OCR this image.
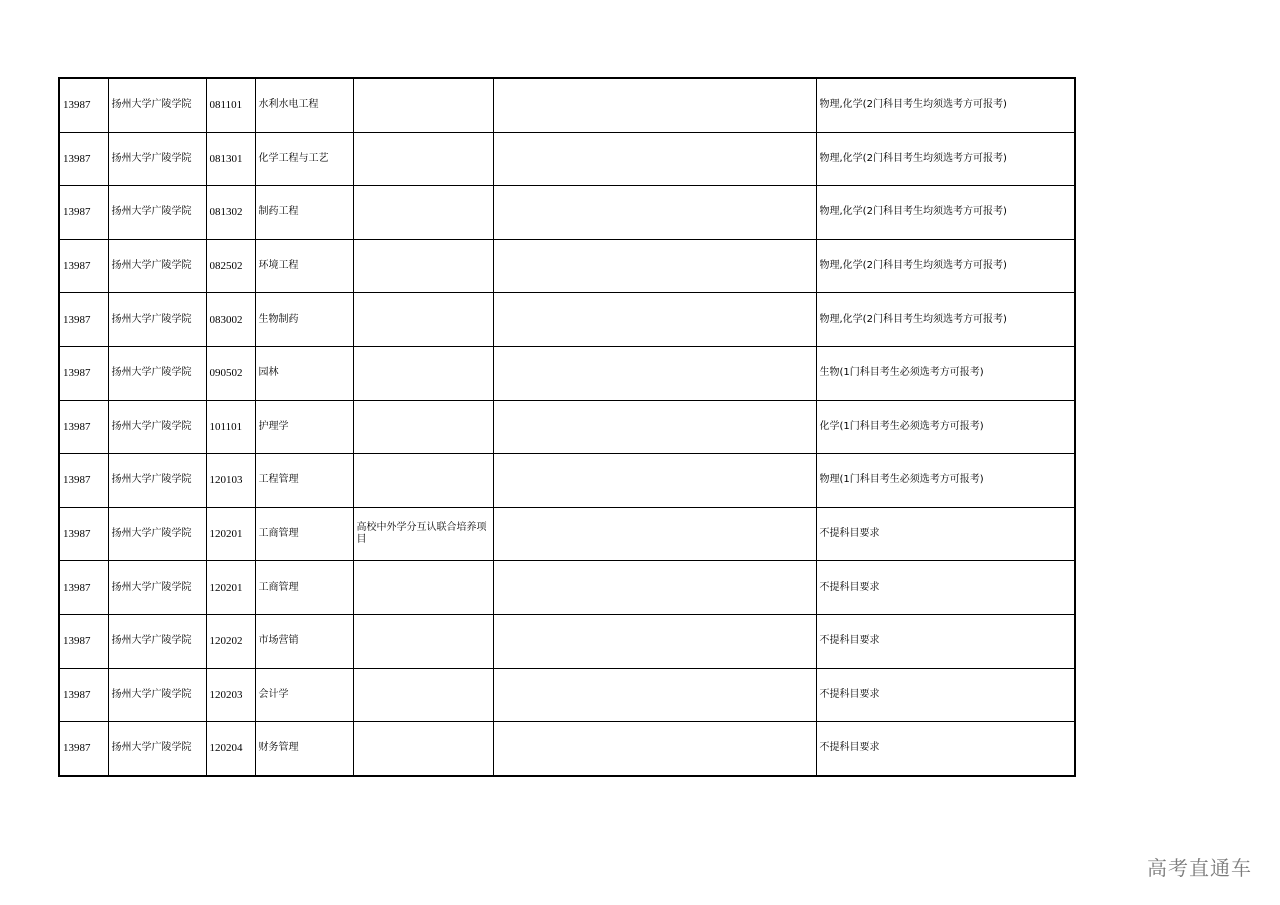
13987	扬州大学广陵学院	081101	水利水电工程			物理,化学(2门科目考生均须选考方可报考)
13987	扬州大学广陵学院	081301	化学工程与工艺			物理,化学(2门科目考生均须选考方可报考)
13987	扬州大学广陵学院	081302	制药工程			物理,化学(2门科目考生均须选考方可报考)
13987	扬州大学广陵学院	082502	环境工程			物理,化学(2门科目考生均须选考方可报考)
13987	扬州大学广陵学院	083002	生物制药			物理,化学(2门科目考生均须选考方可报考)
13987	扬州大学广陵学院	090502	园林			生物(1门科目考生必须选考方可报考)
13987	扬州大学广陵学院	101101	护理学			化学(1门科目考生必须选考方可报考)
13987	扬州大学广陵学院	120103	工程管理			物理(1门科目考生必须选考方可报考)
13987	扬州大学广陵学院	120201	工商管理	高校中外学分互认联合培养项目		不提科目要求
13987	扬州大学广陵学院	120201	工商管理			不提科目要求
13987	扬州大学广陵学院	120202	市场营销			不提科目要求
13987	扬州大学广陵学院	120203	会计学			不提科目要求
13987	扬州大学广陵学院	120204	财务管理			不提科目要求
高考直通车
